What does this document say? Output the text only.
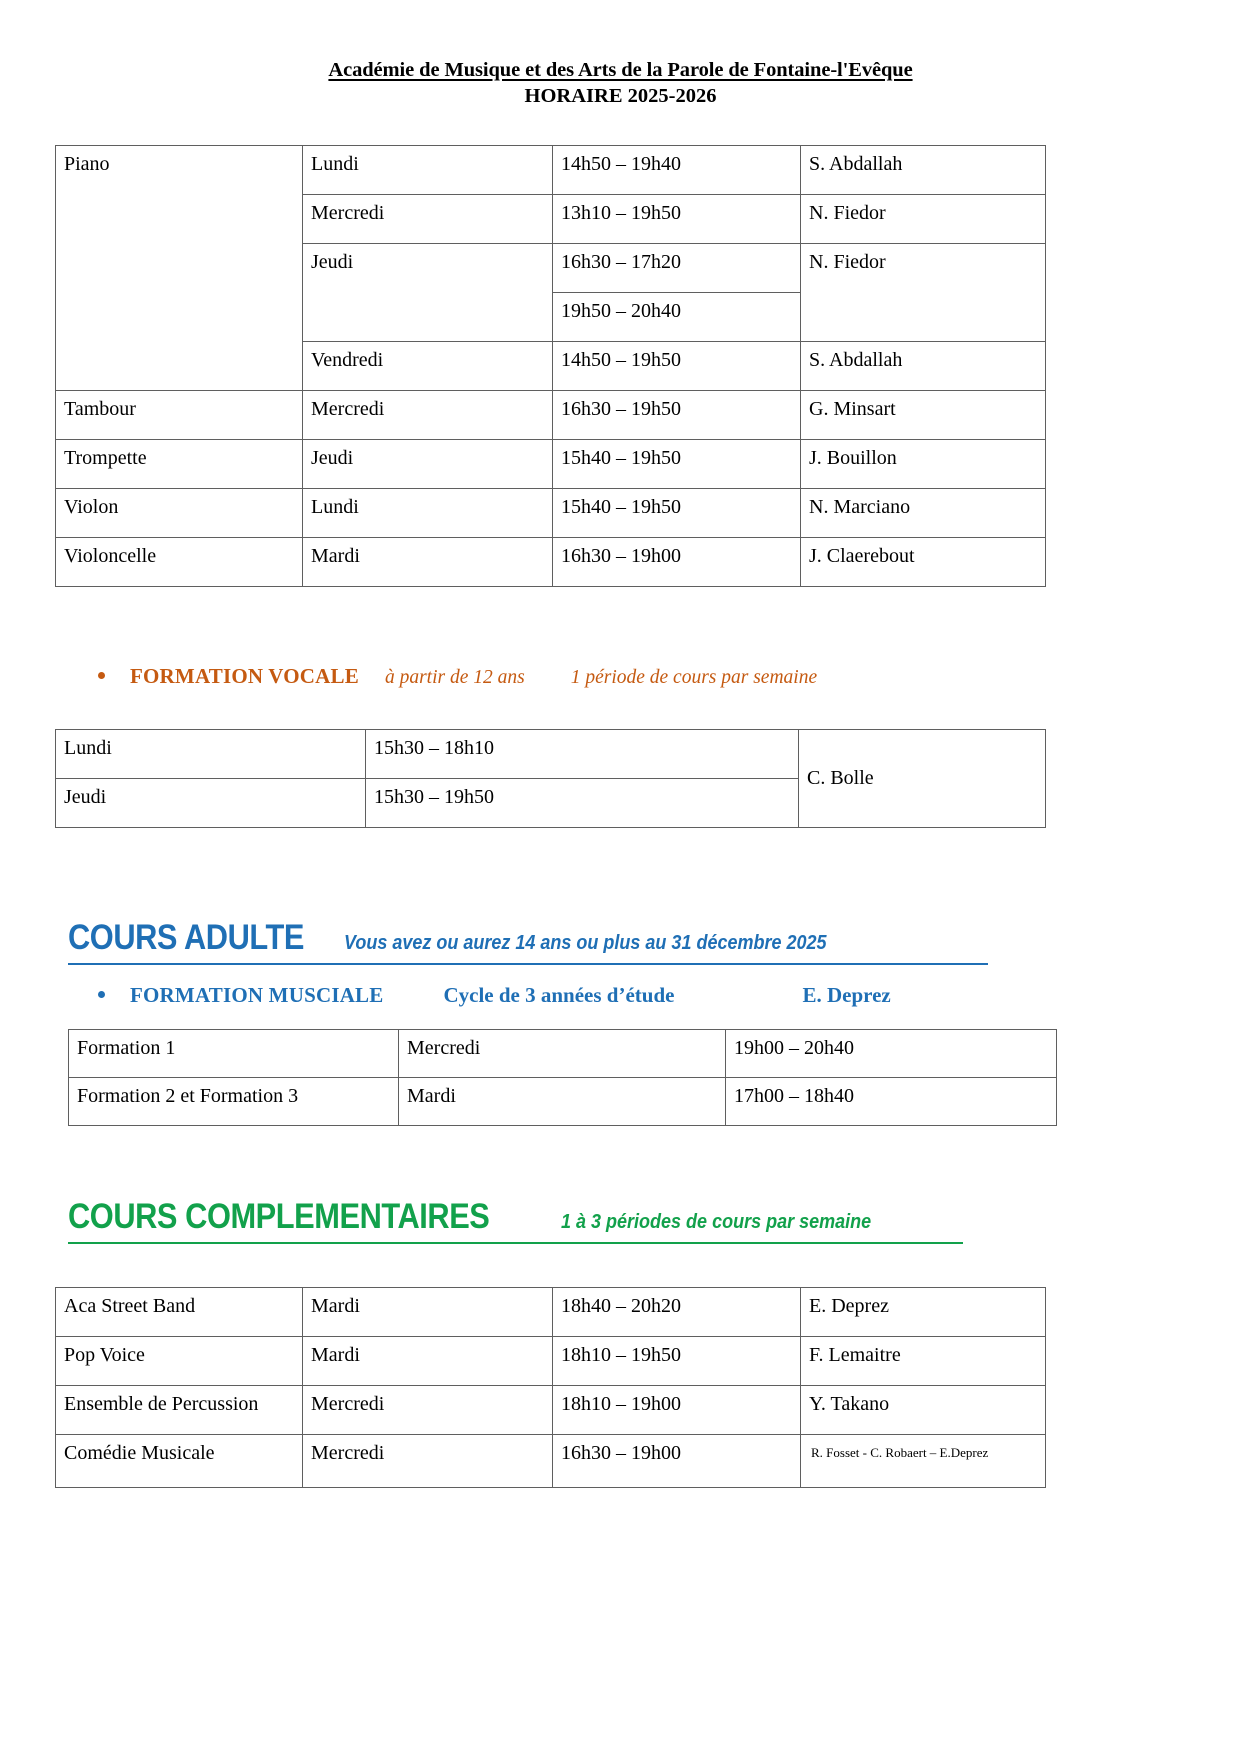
Académie de Musique et des Arts de la Parole de Fontaine-l'Evêque
HORAIRE 2025-2026
Piano	Lundi	14h50 – 19h40	S. Abdallah
	Mercredi	13h10 – 19h50	N. Fiedor
	Jeudi	16h30 – 17h20	N. Fiedor
		19h50 – 20h40	
	Vendredi	14h50 – 19h50	S. Abdallah
Tambour	Mercredi	16h30 – 19h50	G. Minsart
Trompette	Jeudi	15h40 – 19h50	J. Bouillon
Violon	Lundi	15h40 – 19h50	N. Marciano
Violoncelle	Mardi	16h30 – 19h00	J. Claerebout
FORMATION VOCALE à partir de 12 ans 1 période de cours par semaine
Lundi	15h30 – 18h10	C. Bolle
Jeudi	15h30 – 19h50	
COURS ADULTE Vous avez ou aurez 14 ans ou plus au 31 décembre 2025
FORMATION MUSCIALE	Cycle de 3 années d’étude	E. Deprez
Formation 1	Mercredi	19h00 – 20h40
Formation 2 et Formation 3	Mardi	17h00 – 18h40
COURS COMPLEMENTAIRES	1 à 3 périodes de cours par semaine
Aca Street Band	Mardi	18h40 – 20h20	E. Deprez
Pop Voice	Mardi	18h10 – 19h50	F. Lemaitre
Ensemble de Percussion	Mercredi	18h10 – 19h00	Y. Takano
Comédie Musicale	Mercredi	16h30 – 19h00	R. Fosset - C. Robaert – E.Deprez
